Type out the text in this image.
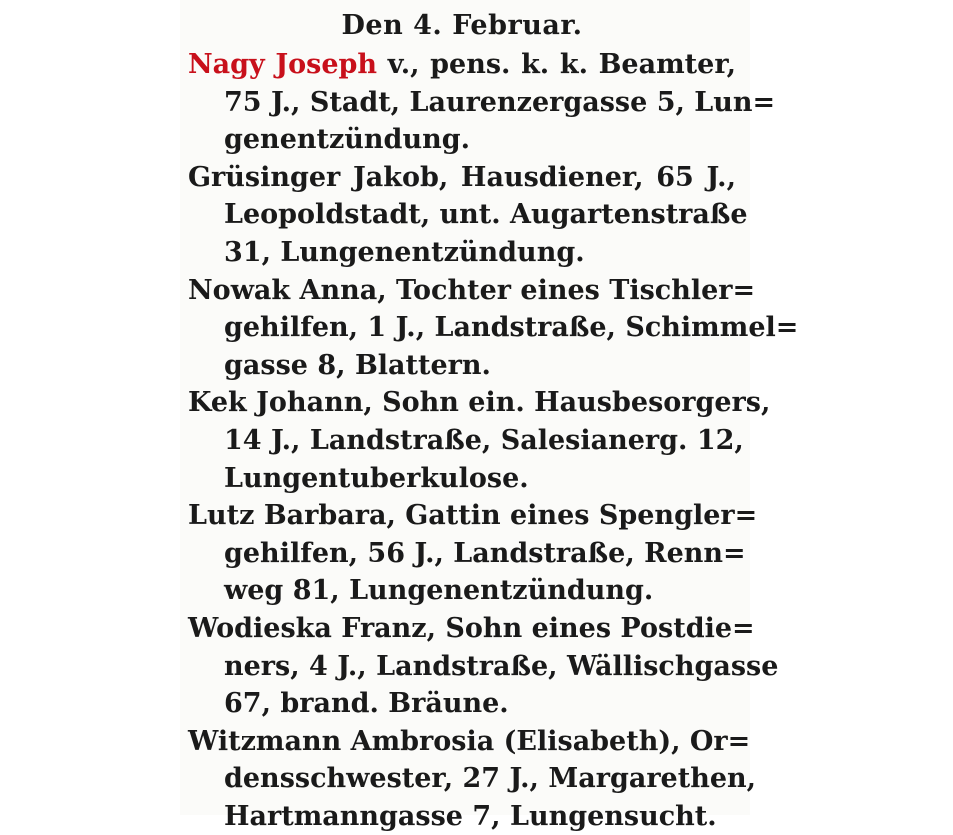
Den 4. Februar.
Nagy Joseph v., pens. k. k. Beamter,
75 J., Stadt, Laurenzergasse 5, Lun=
genentzündung.
Grüsinger Jakob, Hausdiener, 65 J.,
Leopoldstadt, unt. Augartenstraße
31, Lungenentzündung.
Nowak Anna, Tochter eines Tischler=
gehilfen, 1 J., Landstraße, Schimmel=
gasse 8, Blattern.
Kek Johann, Sohn ein. Hausbesorgers,
14 J., Landstraße, Salesianerg. 12,
Lungentuberkulose.
Lutz Barbara, Gattin eines Spengler=
gehilfen, 56 J., Landstraße, Renn=
weg 81, Lungenentzündung.
Wodieska Franz, Sohn eines Postdie=
ners, 4 J., Landstraße, Wällischgasse
67, brand. Bräune.
Witzmann Ambrosia (Elisabeth), Or=
densschwester, 27 J., Margarethen,
Hartmanngasse 7, Lungensucht.
